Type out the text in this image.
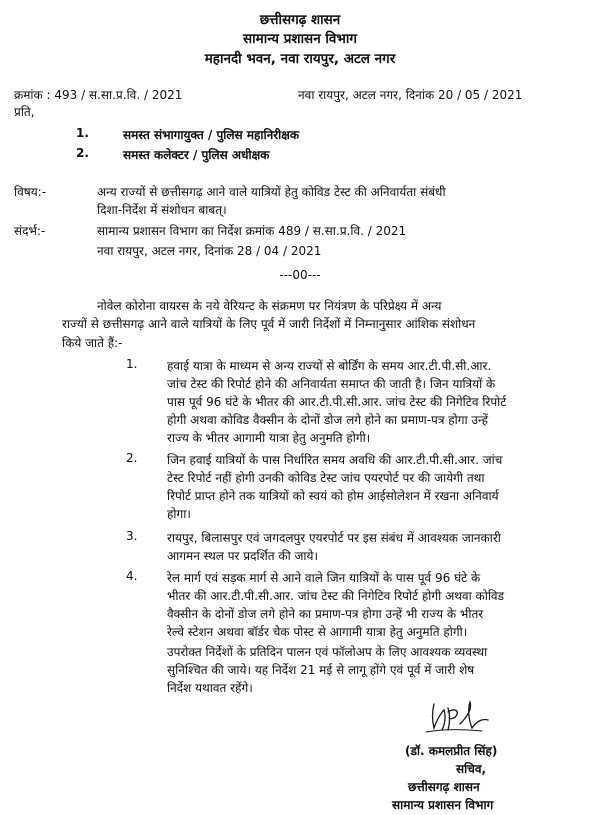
छत्तीसगढ़ शासन
सामान्य प्रशासन विभाग
महानदी भवन, नवा रायपुर, अटल नगर
क्रमांक : 493 / स.सा.प्र.वि. / 2021	नवा रायपुर, अटल नगर, दिनांक 20 / 05 / 2021
प्रति,
1.	समस्त संभागायुक्त / पुलिस महानिरीक्षक
2.	समस्त कलेक्टर / पुलिस अधीक्षक
विषय:-	अन्य राज्यों से छत्तीसगढ़ आने वाले यात्रियों हेतु कोविड टेस्ट की अनिवार्यता संबंधी
दिशा-निर्देश में संशोधन बाबत्।
संदर्भ:-	सामान्य प्रशासन विभाग का निर्देश क्रमांक 489 / स.सा.प्र.वि. / 2021
नवा रायपुर, अटल नगर, दिनांक 28 / 04 / 2021
---00---
नोवेल कोरोना वायरस के नये वेरियन्ट के संक्रमण पर नियंत्रण के परिप्रेक्ष्य में अन्य
राज्यों से छत्तीसगढ़ आने वाले यात्रियों के लिए पूर्व में जारी निर्देशों में निम्नानुसार आंशिक संशोधन
किये जाते हैं:-
1. हवाई यात्रा के माध्यम से अन्य राज्यों से बोर्डिंग के समय आर.टी.पी.सी.आर.
जांच टेस्ट की रिपोर्ट होने की अनिवार्यता समाप्त की जाती है। जिन यात्रियों के
पास पूर्व 96 घंटे के भीतर की आर.टी.पी.सी.आर. जांच टेस्ट की निगेटिव रिपोर्ट
होगी अथवा कोविड वैक्सीन के दोनों डोज लगे होने का प्रमाण-पत्र होगा उन्हें
राज्य के भीतर आगामी यात्रा हेतु अनुमति होगी।
2. जिन हवाई यात्रियों के पास निर्धारित समय अवधि की आर.टी.पी.सी.आर. जांच
टेस्ट रिपोर्ट नहीं होगी उनकी कोविड टेस्ट जांच एयरपोर्ट पर की जायेगी तथा
रिपोर्ट प्राप्त होने तक यात्रियों को स्वयं को होम आईसोलेशन में रखना अनिवार्य
होगा।
3. रायपुर, बिलासपुर एवं जगदलपुर एयरपोर्ट पर इस संबंध में आवश्यक जानकारी
आगमन स्थल पर प्रदर्शित की जाये।
4. रेल मार्ग एवं सड़क मार्ग से आने वाले जिन यात्रियों के पास पूर्व 96 घंटे के
भीतर की आर.टी.पी.सी.आर. जांच टेस्ट की निगेटिव रिपोर्ट होगी अथवा कोविड
वैक्सीन के दोनों डोज लगे होने का प्रमाण-पत्र होगा उन्हें भी राज्य के भीतर
रेल्वे स्टेशन अथवा बॉर्डर चेक पोस्ट से आगामी यात्रा हेतु अनुमति होगी।
उपरोक्त निर्देशों के प्रतिदिन पालन एवं फॉलोअप के लिए आवश्यक व्यवस्था
सुनिश्चित की जाये। यह निर्देश 21 मई से लागू होंगे एवं पूर्व में जारी शेष
निर्देश यथावत रहेंगे।
(डॉ. कमलप्रीत सिंह)
सचिव,
छत्तीसगढ़ शासन
सामान्य प्रशासन विभाग
